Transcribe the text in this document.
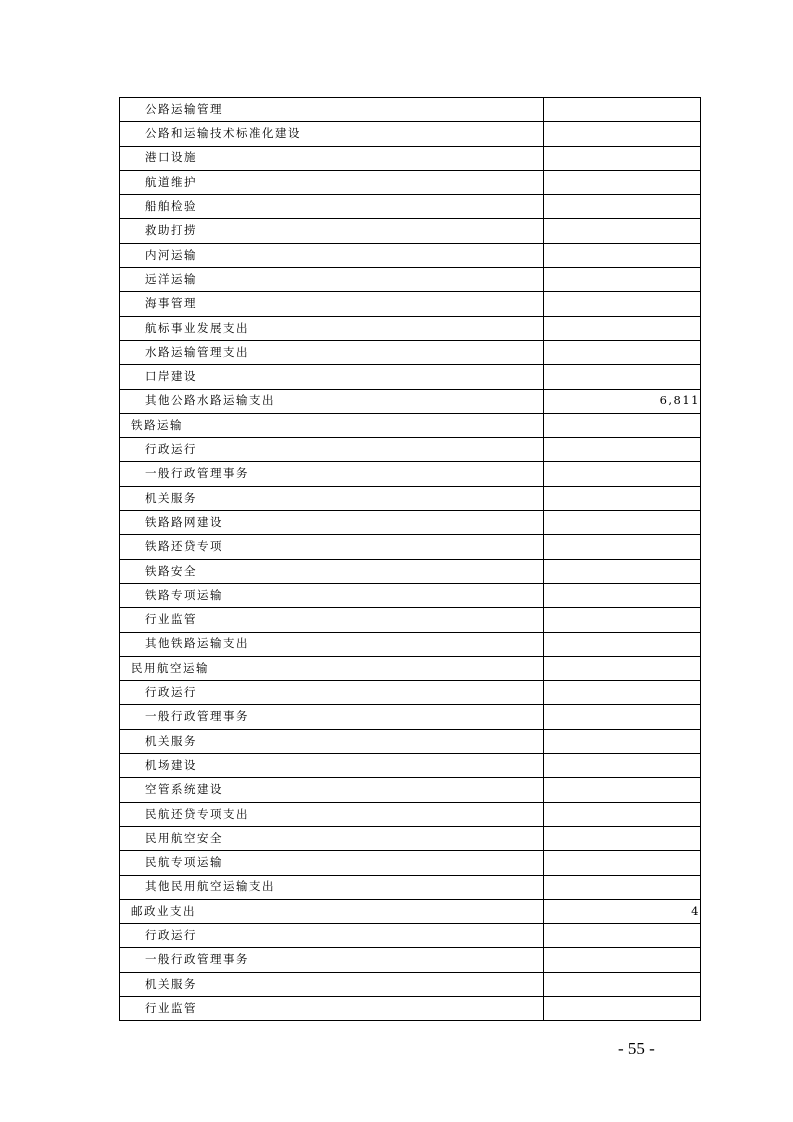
公路运输管理	
公路和运输技术标准化建设	
港口设施	
航道维护	
船舶检验	
救助打捞	
内河运输	
远洋运输	
海事管理	
航标事业发展支出	
水路运输管理支出	
口岸建设	
其他公路水路运输支出	6,811
铁路运输	
行政运行	
一般行政管理事务	
机关服务	
铁路路网建设	
铁路还贷专项	
铁路安全	
铁路专项运输	
行业监管	
其他铁路运输支出	
民用航空运输	
行政运行	
一般行政管理事务	
机关服务	
机场建设	
空管系统建设	
民航还贷专项支出	
民用航空安全	
民航专项运输	
其他民用航空运输支出	
邮政业支出	4
行政运行	
一般行政管理事务	
机关服务	
行业监管	
- 55 -
